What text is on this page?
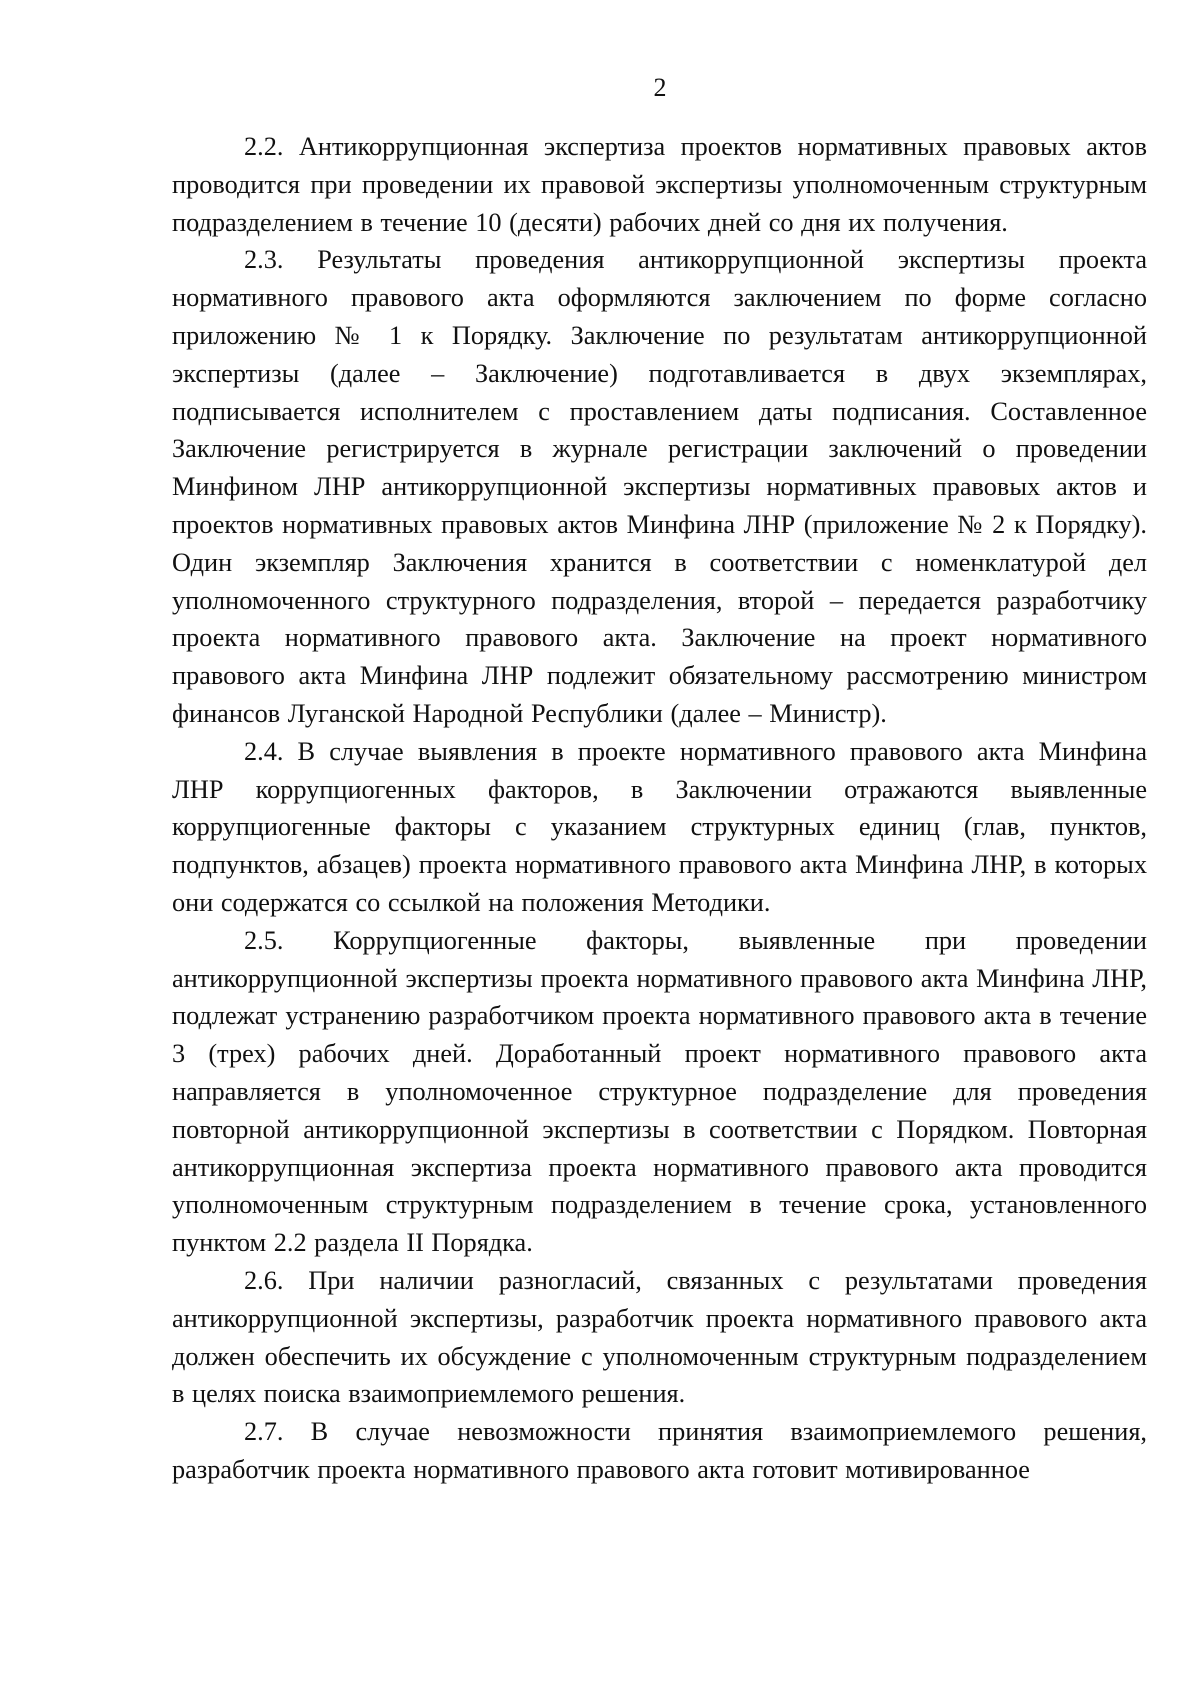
2

2.2. Антикоррупционная экспертиза проектов нормативных правовых актов проводится при проведении их правовой экспертизы уполномоченным структурным подразделением в течение 10 (десяти) рабочих дней со дня их получения.

2.3. Результаты проведения антикоррупционной экспертизы проекта нормативного правового акта оформляются заключением по форме согласно приложению № 1 к Порядку. Заключение по результатам антикоррупционной экспертизы (далее – Заключение) подготавливается в двух экземплярах, подписывается исполнителем с проставлением даты подписания. Составленное Заключение регистрируется в журнале регистрации заключений о проведении Минфином ЛНР антикоррупционной экспертизы нормативных правовых актов и проектов нормативных правовых актов Минфина ЛНР (приложение № 2 к Порядку). Один экземпляр Заключения хранится в соответствии с номенклатурой дел уполномоченного структурного подразделения, второй – передается разработчику проекта нормативного правового акта. Заключение на проект нормативного правового акта Минфина ЛНР подлежит обязательному рассмотрению министром финансов Луганской Народной Республики (далее – Министр).

2.4. В случае выявления в проекте нормативного правового акта Минфина ЛНР коррупциогенных факторов, в Заключении отражаются выявленные коррупциогенные факторы с указанием структурных единиц (глав, пунктов, подпунктов, абзацев) проекта нормативного правового акта Минфина ЛНР, в которых они содержатся со ссылкой на положения Методики.

2.5. Коррупциогенные факторы, выявленные при проведении антикоррупционной экспертизы проекта нормативного правового акта Минфина ЛНР, подлежат устранению разработчиком проекта нормативного правового акта в течение 3 (трех) рабочих дней. Доработанный проект нормативного правового акта направляется в уполномоченное структурное подразделение для проведения повторной антикоррупционной экспертизы в соответствии с Порядком. Повторная антикоррупционная экспертиза проекта нормативного правового акта проводится уполномоченным структурным подразделением в течение срока, установленного пунктом 2.2 раздела II Порядка.

2.6. При наличии разногласий, связанных с результатами проведения антикоррупционной экспертизы, разработчик проекта нормативного правового акта должен обеспечить их обсуждение с уполномоченным структурным подразделением в целях поиска взаимоприемлемого решения.

2.7. В случае невозможности принятия взаимоприемлемого решения, разработчик проекта нормативного правового акта готовит мотивированное
